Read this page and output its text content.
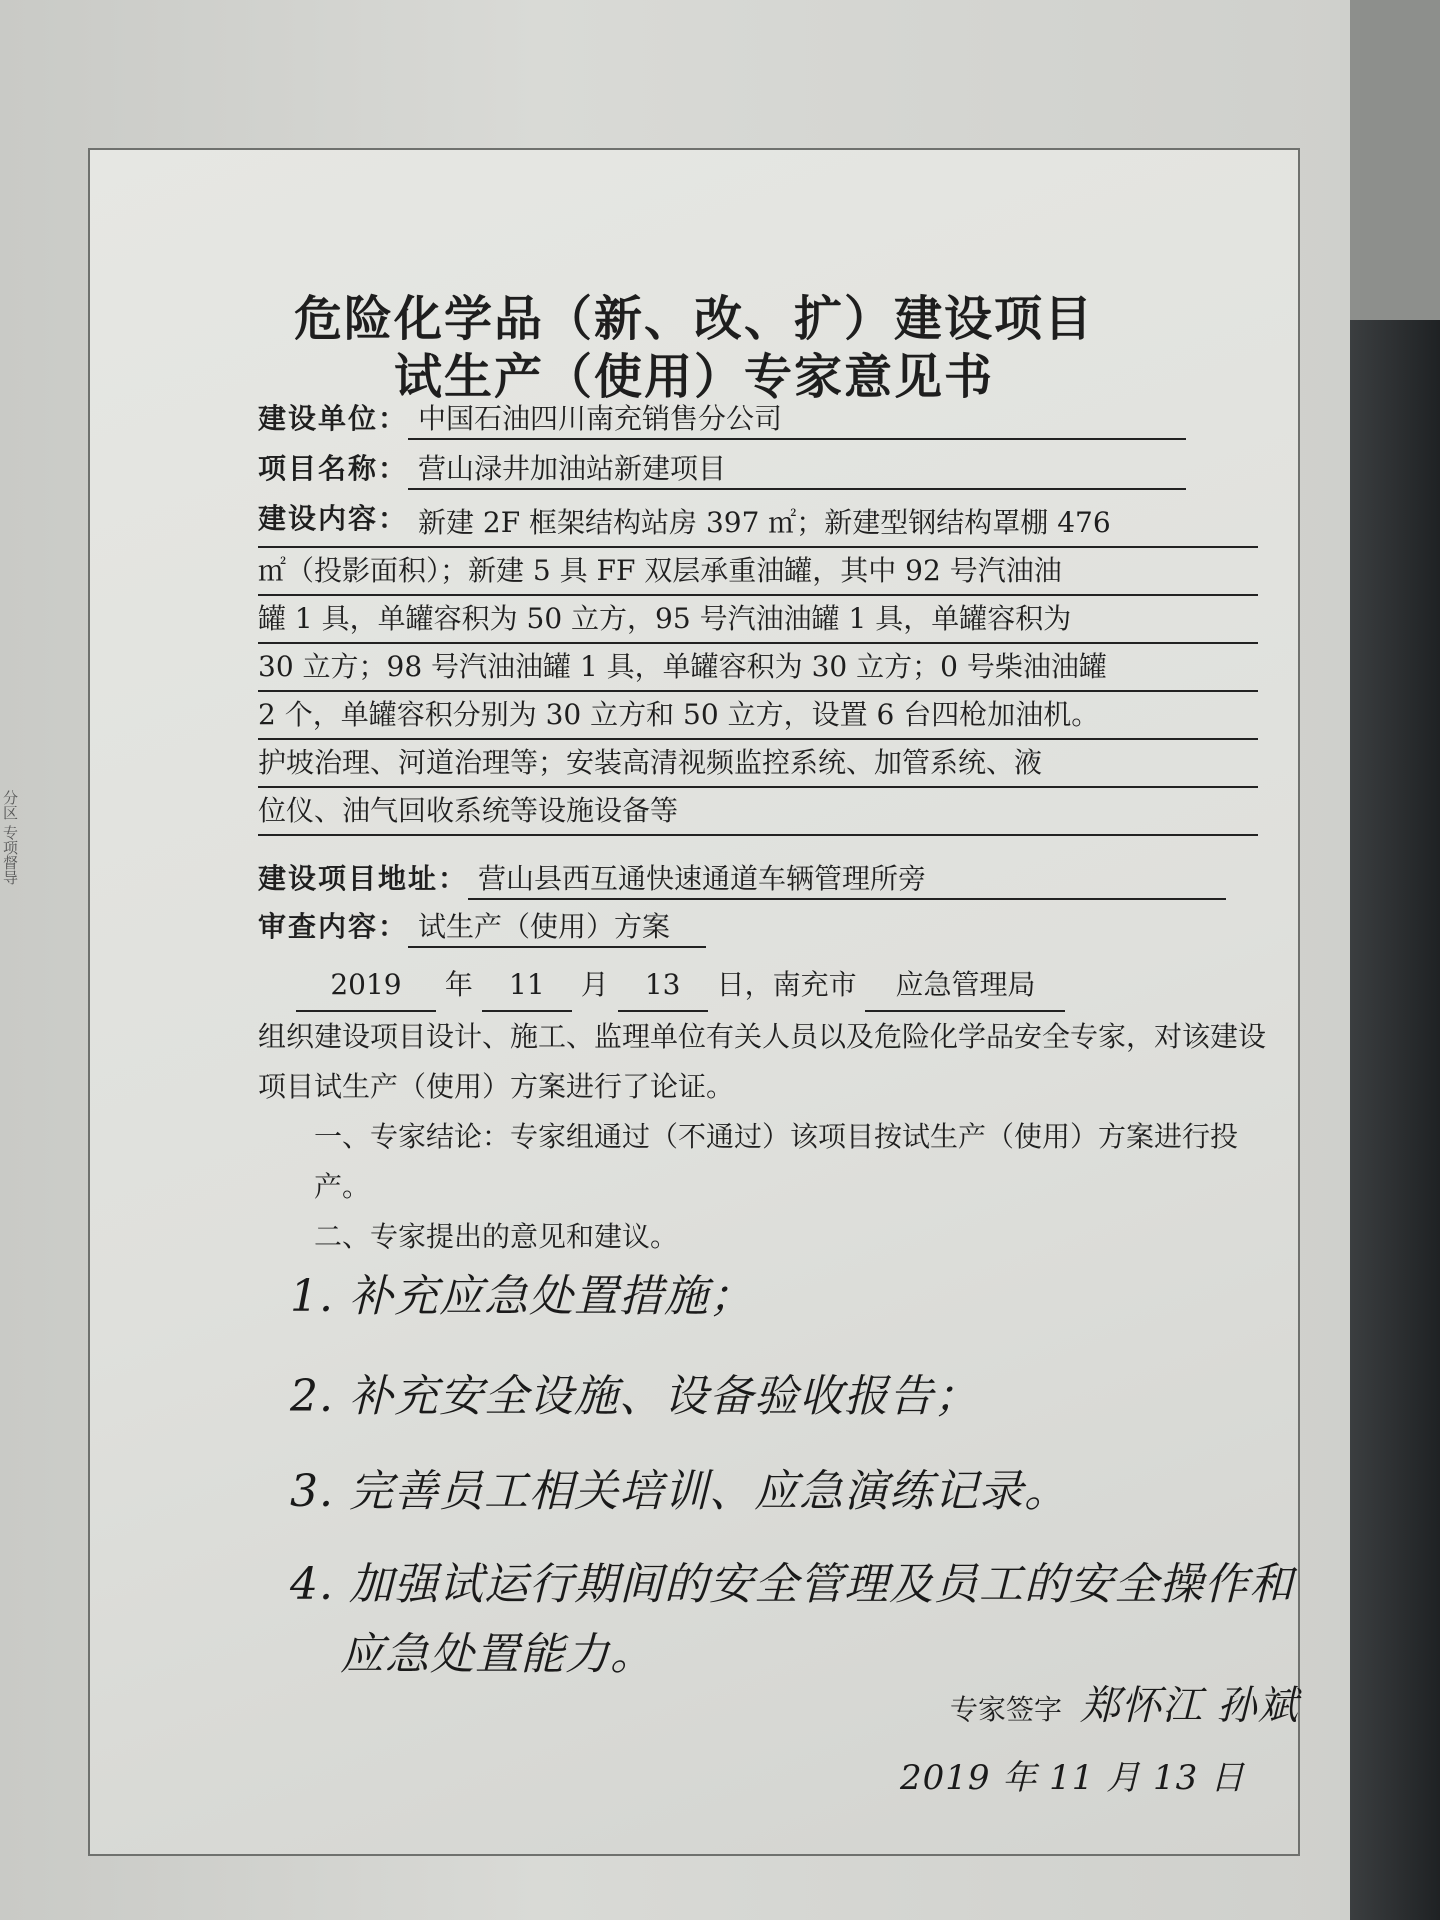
分区 专项督导
危险化学品（新、改、扩）建设项目
试生产（使用）专家意见书
建设单位： 中国石油四川南充销售分公司
项目名称： 营山渌井加油站新建项目
建设内容： 新建 2F 框架结构站房 397 ㎡；新建型钢结构罩棚 476
㎡（投影面积）；新建 5 具 FF 双层承重油罐，其中 92 号汽油油
罐 1 具，单罐容积为 50 立方，95 号汽油油罐 1 具，单罐容积为
30 立方；98 号汽油油罐 1 具，单罐容积为 30 立方；0 号柴油油罐
2 个，单罐容积分别为 30 立方和 50 立方，设置 6 台四枪加油机。
护坡治理、河道治理等；安装高清视频监控系统、加管系统、液
位仪、油气回收系统等设施设备等
建设项目地址： 营山县西互通快速通道车辆管理所旁
审查内容： 试生产（使用）方案

2019 年 11 月 13 日，南充市 应急管理局

组织建设项目设计、施工、监理单位有关人员以及危险化学品安全专家，对该建设项目试生产（使用）方案进行了论证。

一、专家结论：专家组通过（不通过）该项目按试生产（使用）方案进行投产。

二、专家提出的意见和建议。

1. 补充应急处置措施；
2. 补充安全设施、设备验收报告；
3. 完善员工相关培训、应急演练记录。
4. 加强试运行期间的安全管理及员工的安全操作和
应急处置能力。
专家签字 郑怀江 孙斌
2019 年 11 月 13 日
